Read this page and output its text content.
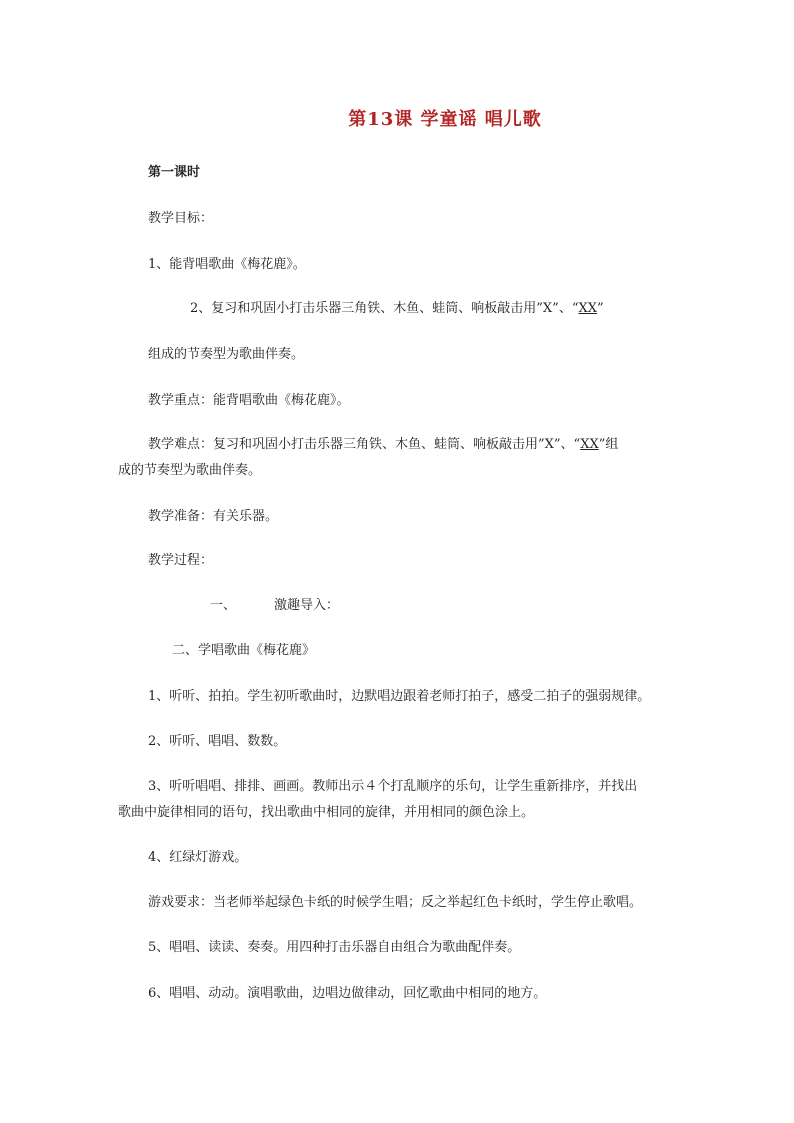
第13课 学童谣 唱儿歌
第一课时
教学目标：
1、能背唱歌曲《梅花鹿》。
2、复习和巩固小打击乐器三角铁、木鱼、蛙筒、响板敲击用”X”、“XX”
组成的节奏型为歌曲伴奏。
教学重点：能背唱歌曲《梅花鹿》。
教学难点：复习和巩固小打击乐器三角铁、木鱼、蛙筒、响板敲击用”X”、“XX”组
成的节奏型为歌曲伴奏。
教学准备：有关乐器。
教学过程：
一、	激趣导入：
二、学唱歌曲《梅花鹿》
1、听听、拍拍。学生初听歌曲时，边默唱边跟着老师打拍子，感受二拍子的强弱规律。
2、听听、唱唱、数数。
3、听听唱唱、排排、画画。教师出示４个打乱顺序的乐句，让学生重新排序，并找出
歌曲中旋律相同的语句，找出歌曲中相同的旋律，并用相同的颜色涂上。
4、红绿灯游戏。
游戏要求：当老师举起绿色卡纸的时候学生唱；反之举起红色卡纸时，学生停止歌唱。
5、唱唱、读读、奏奏。用四种打击乐器自由组合为歌曲配伴奏。
6、唱唱、动动。演唱歌曲，边唱边做律动，回忆歌曲中相同的地方。
